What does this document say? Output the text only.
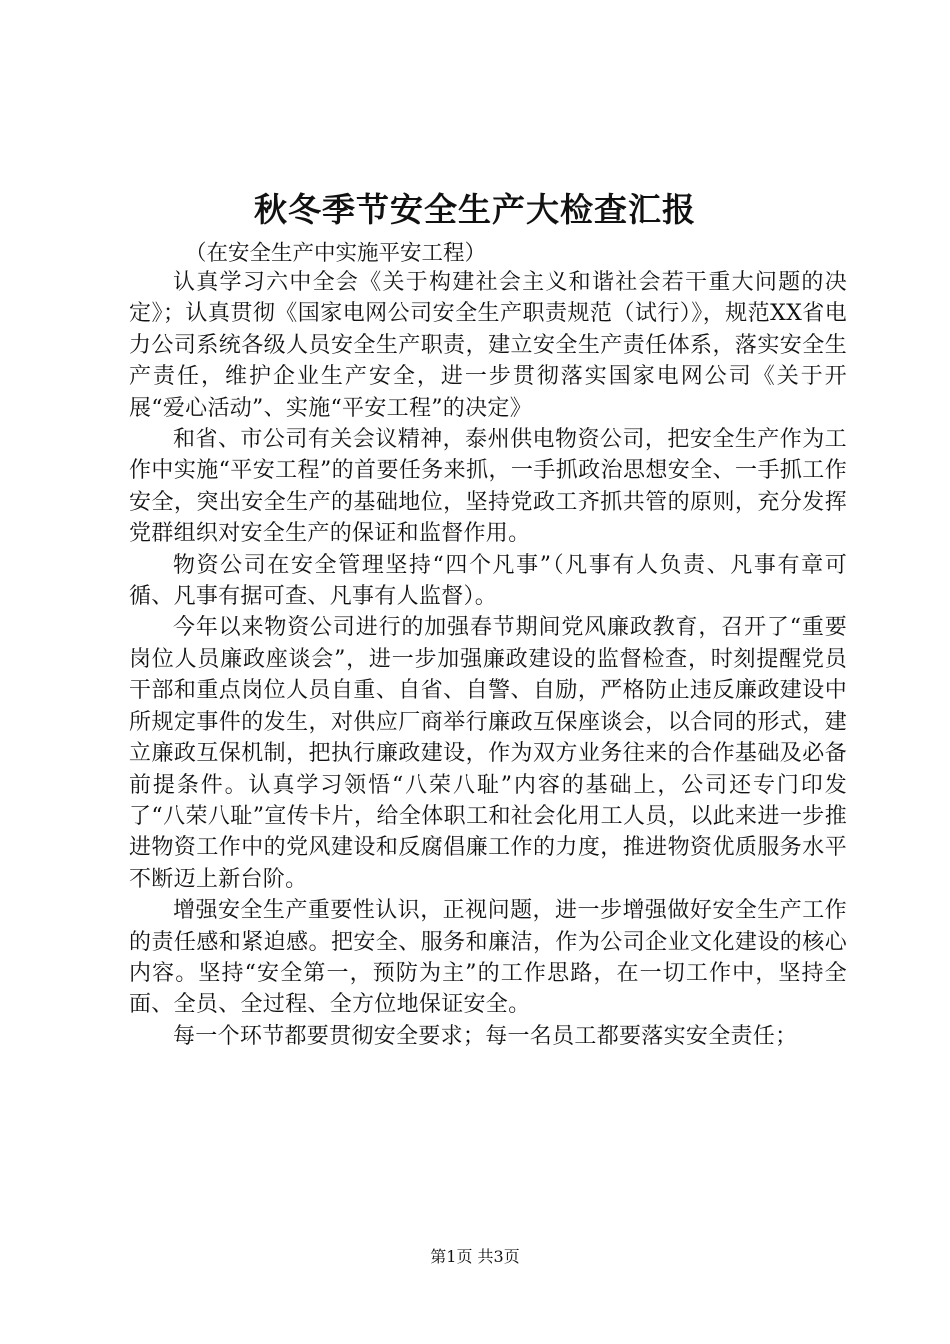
秋冬季节安全生产大检查汇报

（在安全生产中实施平安工程）

认真学习六中全会《关于构建社会主义和谐社会若干重大问题的决定》；认真贯彻《国家电网公司安全生产职责规范（试行）》，规范XX省电力公司系统各级人员安全生产职责，建立安全生产责任体系，落实安全生产责任，维护企业生产安全，进一步贯彻落实国家电网公司《关于开展“爱心活动”、实施“平安工程”的决定》

和省、市公司有关会议精神，泰州供电物资公司，把安全生产作为工作中实施“平安工程”的首要任务来抓，一手抓政治思想安全、一手抓工作安全，突出安全生产的基础地位，坚持党政工齐抓共管的原则，充分发挥党群组织对安全生产的保证和监督作用。

物资公司在安全管理坚持“四个凡事”（凡事有人负责、凡事有章可循、凡事有据可查、凡事有人监督）。

今年以来物资公司进行的加强春节期间党风廉政教育，召开了“重要岗位人员廉政座谈会”，进一步加强廉政建设的监督检查，时刻提醒党员干部和重点岗位人员自重、自省、自警、自励，严格防止违反廉政建设中所规定事件的发生，对供应厂商举行廉政互保座谈会，以合同的形式，建立廉政互保机制，把执行廉政建设，作为双方业务往来的合作基础及必备前提条件。认真学习领悟“八荣八耻”内容的基础上，公司还专门印发了“八荣八耻”宣传卡片，给全体职工和社会化用工人员，以此来进一步推进物资工作中的党风建设和反腐倡廉工作的力度，推进物资优质服务水平不断迈上新台阶。

增强安全生产重要性认识，正视问题，进一步增强做好安全生产工作的责任感和紧迫感。把安全、服务和廉洁，作为公司企业文化建设的核心内容。坚持“安全第一，预防为主”的工作思路，在一切工作中，坚持全面、全员、全过程、全方位地保证安全。

每一个环节都要贯彻安全要求；每一名员工都要落实安全责任；

第1页 共3页
